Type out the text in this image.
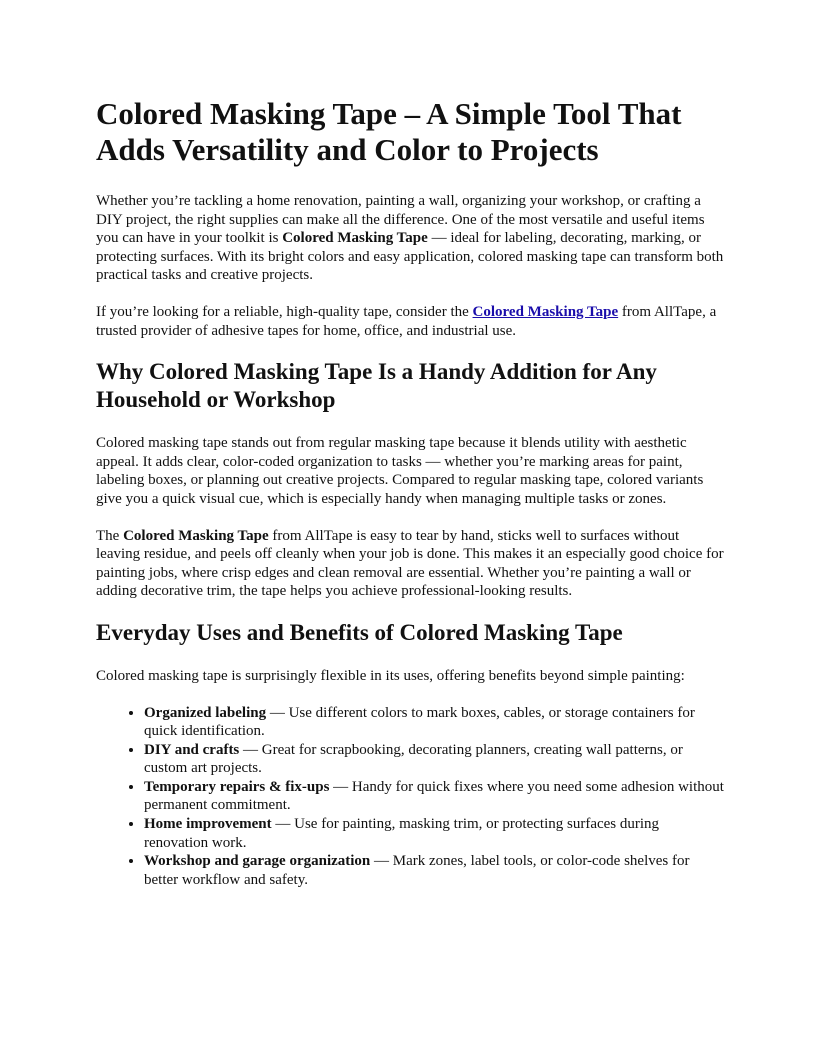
Colored Masking Tape – A Simple Tool That Adds Versatility and Color to Projects

Whether you’re tackling a home renovation, painting a wall, organizing your workshop, or crafting a DIY project, the right supplies can make all the difference. One of the most versatile and useful items you can have in your toolkit is Colored Masking Tape — ideal for labeling, decorating, marking, or protecting surfaces. With its bright colors and easy application, colored masking tape can transform both practical tasks and creative projects.

If you’re looking for a reliable, high-quality tape, consider the Colored Masking Tape from AllTape, a trusted provider of adhesive tapes for home, office, and industrial use.

Why Colored Masking Tape Is a Handy Addition for Any Household or Workshop

Colored masking tape stands out from regular masking tape because it blends utility with aesthetic appeal. It adds clear, color-coded organization to tasks — whether you’re marking areas for paint, labeling boxes, or planning out creative projects. Compared to regular masking tape, colored variants give you a quick visual cue, which is especially handy when managing multiple tasks or zones.

The Colored Masking Tape from AllTape is easy to tear by hand, sticks well to surfaces without leaving residue, and peels off cleanly when your job is done. This makes it an especially good choice for painting jobs, where crisp edges and clean removal are essential. Whether you’re painting a wall or adding decorative trim, the tape helps you achieve professional-looking results.

Everyday Uses and Benefits of Colored Masking Tape

Colored masking tape is surprisingly flexible in its uses, offering benefits beyond simple painting:

• Organized labeling — Use different colors to mark boxes, cables, or storage containers for quick identification.
• DIY and crafts — Great for scrapbooking, decorating planners, creating wall patterns, or custom art projects.
• Temporary repairs & fix-ups — Handy for quick fixes where you need some adhesion without permanent commitment.
• Home improvement — Use for painting, masking trim, or protecting surfaces during renovation work.
• Workshop and garage organization — Mark zones, label tools, or color-code shelves for better workflow and safety.
